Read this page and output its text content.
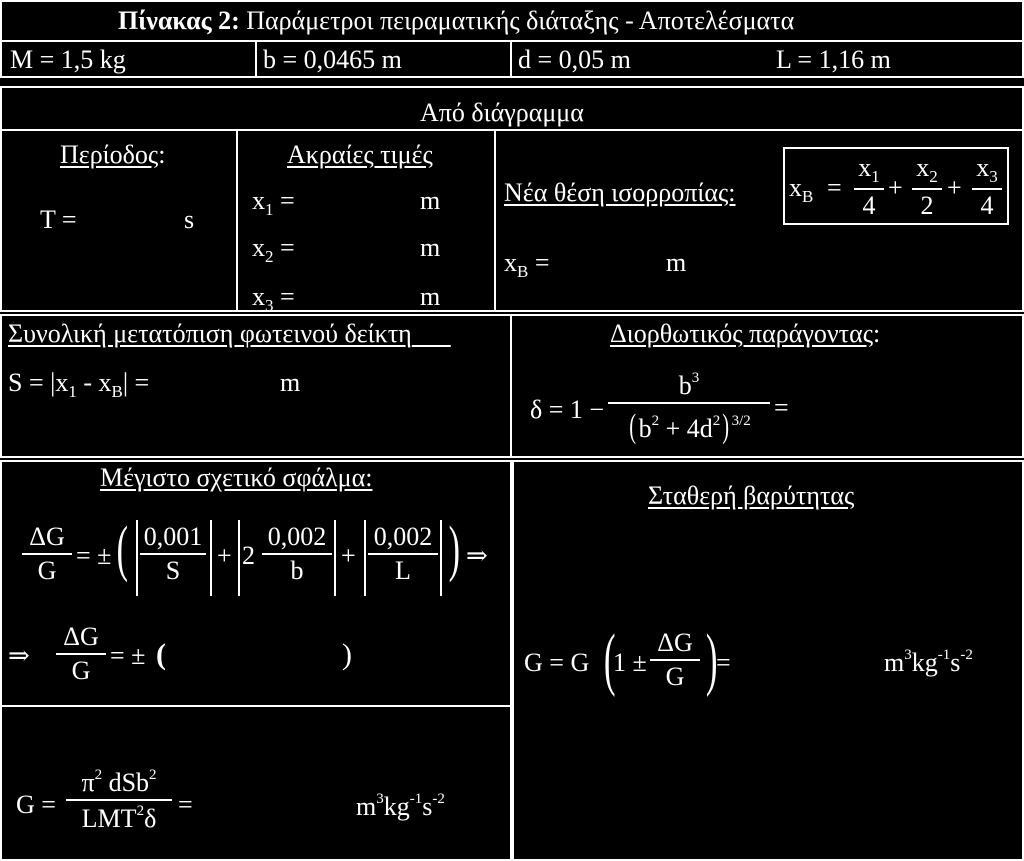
Πίνακας 2: Παράμετροι πειραματικής διάταξης - Αποτελέσματα
M = 1,5 kg	b = 0,0465 m	d = 0,05 m	L = 1,16 m
Από διάγραμμα
Περίοδος:
T =	s
Ακραίες τιμές
$x_1$ =	m
$x_2$ =	m
$x_3$ =	m
Νέα θέση ισορροπίας:
$x_B$ =	m
$x_B = \frac{x_1}{4} + \frac{x_2}{2} + \frac{x_3}{4}$
Συνολική μετατόπιση φωτεινού δείκτη
$S = |x_1 - x_B|$ =	m
Διορθωτικός παράγοντας:
$\delta = 1 - \frac{b^3}{(b^2 + 4d^2) ^{3/2}}$ =
Μέγιστο σχετικό σφάλμα:
$\frac{\Delta G}{G}$ = ± ( $\frac{0,001}{S} + 2 \frac{0,002}{b} + \frac{0,002}{L}$ ) ⇒
⇒ $\frac{\Delta G}{G}$ = ± (	)
G =
$\pi^2$ dSb$^2$
$LMT^2\delta$ =	$m^3kg^{-1}s^{-2}$
Σταθερή βαρύτητας
G = G (
$1 \pm \frac{\Delta G}{G}$ )
=	$m^3kg^{-1}s^{-2}$
